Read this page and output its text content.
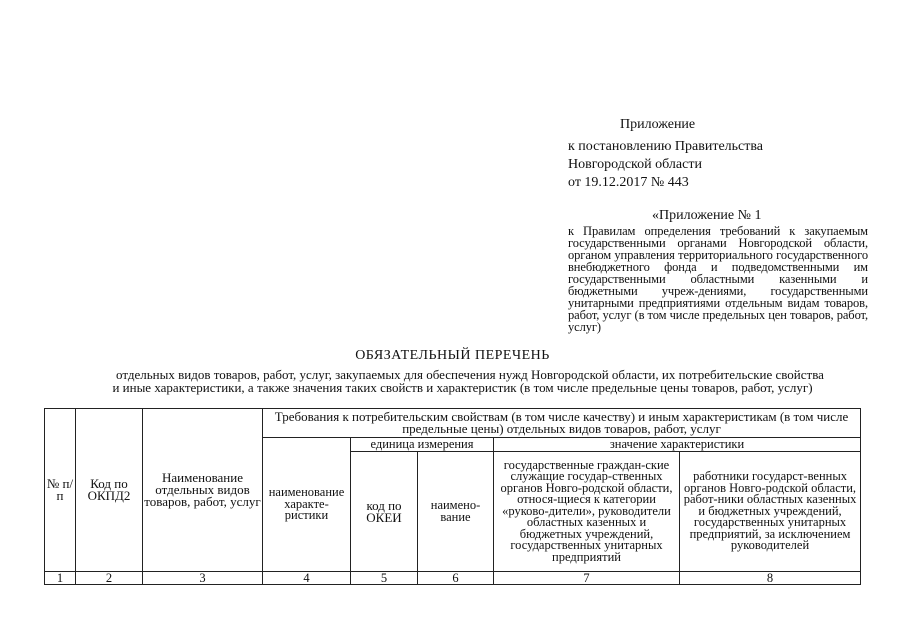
Приложение
к постановлению Правительства
Новгородской области
от 19.12.2017 № 443
«Приложение № 1
к Правилам определения требований к закупаемым государственными органами Новгородской области, органом управления территориального государственного внебюджетного фонда и подведомственными им государственными областными казенными и бюджетными учреж-дениями, государственными унитарными предприятиями отдельным видам товаров, работ, услуг (в том числе предельных цен товаров, работ, услуг)
ОБЯЗАТЕЛЬНЫЙ ПЕРЕЧЕНЬ
отдельных видов товаров, работ, услуг, закупаемых для обеспечения нужд Новгородской области, их потребительские свойства
и иные характеристики, а также значения таких свойств и характеристик (в том числе предельные цены товаров, работ, услуг)
№ п/п	Код по ОКПД2	Наименование отдельных видов товаров, работ, услуг	Требования к потребительским свойствам (в том числе качеству) и иным характеристикам (в том числе предельные цены) отдельных видов товаров, работ, услуг				
			наименование характе-ристики	единица измерения		значение характеристики	
				код по ОКЕИ	наимено-вание	государственные граждан-ские служащие государ-ственных органов Новго-родской области, относя-щиеся к категории «руково-дители», руководители областных казенных и бюджетных учреждений, государственных унитарных предприятий	работники государст-венных органов Новго-родской области, работ-ники областных казенных и бюджетных учреждений, государственных унитарных предприятий, за исключением руководителей
1	2	3	4	5	6	7	8
